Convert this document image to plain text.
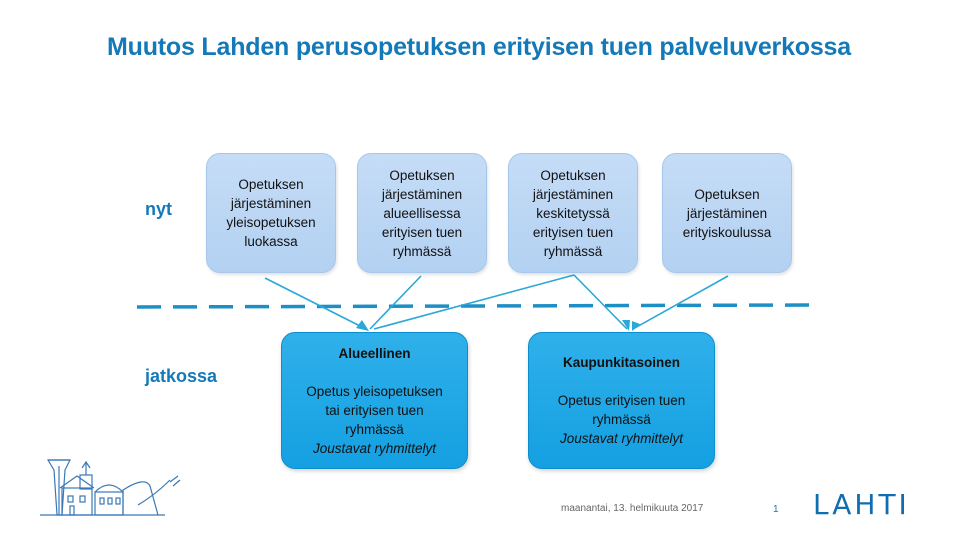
Muutos Lahden perusopetuksen erityisen tuen palveluverkossa
nyt
jatkossa
Opetuksen
järjestäminen
yleisopetuksen
luokassa
Opetuksen
järjestäminen
alueellisessa
erityisen tuen
ryhmässä
Opetuksen
järjestäminen
keskitetyssä
erityisen tuen
ryhmässä
Opetuksen
järjestäminen
erityiskoulussa
Alueellinen
Opetus yleisopetuksen
tai erityisen tuen
ryhmässä
Joustavat ryhmittelyt
Kaupunkitasoinen
Opetus erityisen tuen
ryhmässä
Joustavat ryhmittelyt
maanantai, 13. helmikuuta 2017	1 LAHTI
